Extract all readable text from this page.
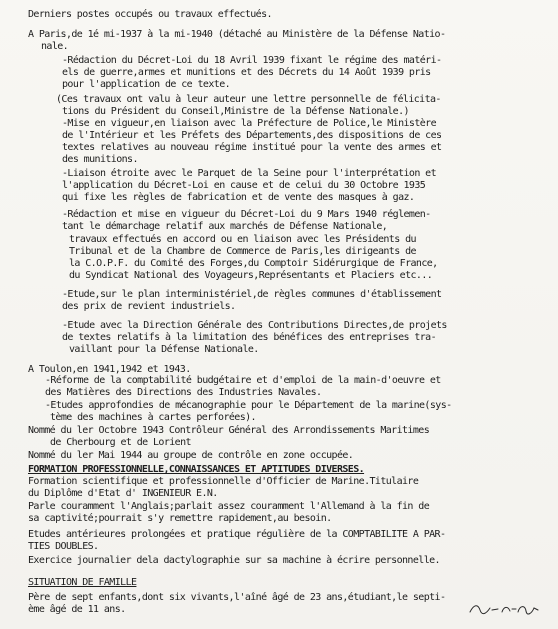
Derniers postes occupés ou travaux effectués.
A Paris,de 1é mi-1937 à la mi-1940 (détaché au Ministère de la Défense Natio-
nale.
-Rédaction du Décret-Loi du 18 Avril 1939 fixant le régime des matéri-
els de guerre,armes et munitions et des Décrets du 14 Août 1939 pris
pour l'application de ce texte.
(Ces travaux ont valu à leur auteur une lettre personnelle de félicita-
tions du Président du Conseil,Ministre de la Défense Nationale.)
-Mise en vigueur,en liaison avec la Préfecture de Police,le Ministère
de l'Intérieur et les Préfets des Départements,des dispositions de ces
textes relatives au nouveau régime institué pour la vente des armes et
des munitions.
-Liaison étroite avec le Parquet de la Seine pour l'interprétation et
l'application du Décret-Loi en cause et de celui du 30 Octobre 1935
qui fixe les règles de fabrication et de vente des masques à gaz.
-Rédaction et mise en vigueur du Décret-Loi du 9 Mars 1940 réglemen-
tant le démarchage relatif aux marchés de Défense Nationale,
travaux effectués en accord ou en liaison avec les Présidents du
Tribunal et de la Chambre de Commerce de Paris,les dirigeants de
la C.O.P.F. du Comité des Forges,du Comptoir Sidérurgique de France,
du Syndicat National des Voyageurs,Représentants et Placiers etc...
-Etude,sur le plan interministériel,de règles communes d'établissement
des prix de revient industriels.
-Etude avec la Direction Générale des Contributions Directes,de projets
de textes relatifs à la limitation des bénéfices des entreprises tra-
vaillant pour la Défense Nationale.
A Toulon,en 1941,1942 et 1943.
-Réforme de la comptabilité budgétaire et d'emploi de la main-d'oeuvre et
des Matières des Directions des Industries Navales.
-Etudes approfondies de mécanographie pour le Département de la marine(sys-
tème des machines à cartes perforées).
Nommé du ler Octobre 1943 Contrôleur Général des Arrondissements Maritimes
de Cherbourg et de Lorient
Nommé du ler Mai 1944 au groupe de contrôle en zone occupée.
FORMATION PROFESSIONNELLE,CONNAISSANCES ET APTITUDES DIVERSES.
Formation scientifique et professionnelle d'Officier de Marine.Titulaire
du Diplôme d'Etat d' INGENIEUR E.N.
Parle couramment l'Anglais;parlait assez couramment l'Allemand à la fin de
sa captivité;pourrait s'y remettre rapidement,au besoin.
Etudes antérieures prolongées et pratique régulière de la COMPTABILITE A PAR-
TIES DOUBLES.
Exercice journalier dela dactylographie sur sa machine à écrire personnelle.
SITUATION DE FAMILLE
Père de sept enfants,dont six vivants,l'aîné âgé de 23 ans,étudiant,le septi-
ème âgé de 11 ans.
